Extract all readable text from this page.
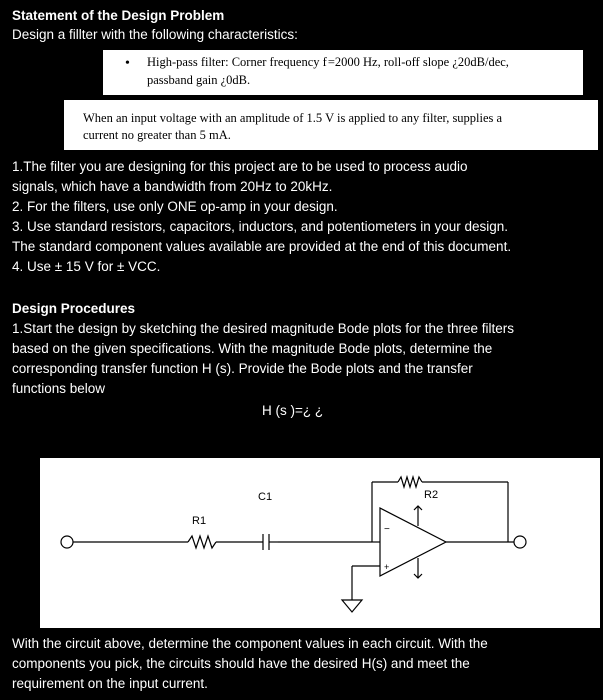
Statement of the Design Problem
Design a fillter with the following characteristics:
• High-pass filter: Corner frequency f =2000 Hz, roll-off slope ¿20dB/dec,
passband gain ¿0dB.
When an input voltage with an amplitude of 1.5 V is applied to any filter, supplies a
current no greater than 5 mA.
1.The filter you are designing for this project are to be used to process audio
signals, which have a bandwidth from 20Hz to 20kHz.
2. For the filters, use only ONE op-amp in your design.
3. Use standard resistors, capacitors, inductors, and potentiometers in your design.
The standard component values available are provided at the end of this document.
4. Use ± 15 V for ± VCC.
Design Procedures
1.Start the design by sketching the desired magnitude Bode plots for the three filters
based on the given specifications. With the magnitude Bode plots, determine the
corresponding transfer function H (s). Provide the Bode plots and the transfer
functions below
H (s )=¿ ¿
R1
C1	R2
−
+
With the circuit above, determine the component values in each circuit. With the
components you pick, the circuits should have the desired H(s) and meet the
requirement on the input current.
